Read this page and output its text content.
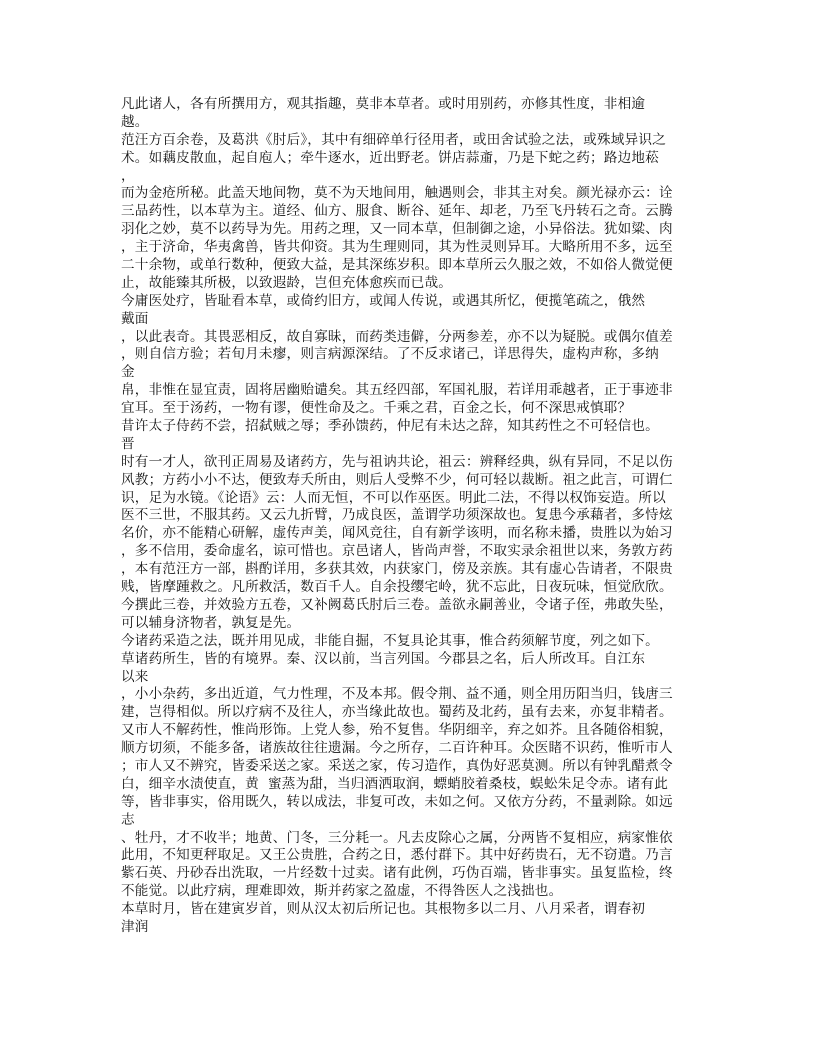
凡此诸人，各有所撰用方，观其指趣，莫非本草者。或时用别药，亦修其性度，非相逾
越。
范汪方百余卷，及葛洪《肘后》，其中有细碎单行径用者，或田舍试验之法，或殊域异识之
术。如藕皮散血，起自庖人；牵牛逐水，近出野老。饼店蒜齑，乃是下蛇之药；路边地菘
，
而为金疮所秘。此盖天地间物，莫不为天地间用，触遇则会，非其主对矣。颜光禄亦云：诠
三品药性，以本草为主。道经、仙方、服食、断谷、延年、却老，乃至飞丹转石之奇。云腾
羽化之妙，莫不以药导为先。用药之理，又一同本草，但制御之途，小异俗法。犹如粱、肉
，主于济命，华夷禽兽，皆共仰资。其为生理则同，其为性灵则异耳。大略所用不多，远至
二十余物，或单行数种，便致大益，是其深练岁积。即本草所云久服之效，不如俗人微觉便
止，故能臻其所极，以致遐龄，岂但充体愈疾而已哉。
今庸医处疗，皆耻看本草，或倚约旧方，或闻人传说，或遇其所忆，便揽笔疏之，俄然
戴面
，以此表奇。其畏恶相反，故自寡昧，而药类违僻，分两参差，亦不以为疑脱。或偶尔值差
，则自信方验；若旬月未瘳，则言病源深结。了不反求诸己，详思得失，虚构声称，多纳
金
帛，非惟在显宜责，固将居幽贻谴矣。其五经四部，军国礼服，若详用乖越者，正于事迹非
宜耳。至于汤药，一物有谬，便性命及之。千乘之君，百金之长，何不深思戒慎耶？
昔许太子侍药不尝，招弑贼之辱；季孙馈药，仲尼有未达之辞，知其药性之不可轻信也。
晋
时有一才人，欲刊正周易及诸药方，先与祖讷共论，祖云：辨释经典，纵有异同，不足以伤
风教；方药小小不达，便致寿夭所由，则后人受弊不少，何可轻以裁断。祖之此言，可谓仁
识，足为水镜。《论语》云：人而无恒，不可以作巫医。明此二法，不得以权饰妄造。所以
医不三世，不服其药。又云九折臂，乃成良医，盖谓学功须深故也。复患今承藉者，多恃炫
名价，亦不能精心研解，虚传声美，闻风竞往，自有新学该明，而名称未播，贵胜以为始习
，多不信用，委命虚名，谅可惜也。京邑诸人，皆尚声誉，不取实录余祖世以来，务敦方药
，本有范汪方一部，斟酌详用，多获其效，内获家门，傍及亲族。其有虚心告请者，不限贵
贱，皆摩踵救之。凡所救活，数百千人。自余投缨宅岭，犹不忘此，日夜玩味，恒觉欣欣。
今撰此三卷，并效验方五卷，又补阙葛氏肘后三卷。盖欲永嗣善业，令诸子侄，弗敢失坠，
可以辅身济物者，孰复是先。
今诸药采造之法，既并用见成，非能自掘，不复具论其事，惟合药须解节度，列之如下。
草诸药所生，皆的有境界。秦、汉以前，当言列国。今郡县之名，后人所改耳。自江东
以来
，小小杂药，多出近道，气力性理，不及本邦。假令荆、益不通，则全用历阳当归，钱唐三
建，岂得相似。所以疗病不及往人，亦当缘此故也。蜀药及北药，虽有去来，亦复非精者。
又市人不解药性，惟尚形饰。上党人参，殆不复售。华阴细辛，弃之如芥。且各随俗相貌，
顺方切须，不能多备，诸族故往往遗漏。今之所存，二百许种耳。众医睹不识药，惟听市人
；市人又不辨究，皆委采送之家。采送之家，传习造作，真伪好恶莫测。所以有钟乳醋煮令
白，细辛水渍使直，黄  蜜蒸为甜，当归酒洒取润，螵蛸胶着桑枝，蜈蚣朱足令赤。诸有此
等，皆非事实，俗用既久，转以成法，非复可改，未如之何。又依方分药，不量剥除。如远
志
、牡丹，才不收半；地黄、门冬，三分耗一。凡去皮除心之属，分两皆不复相应，病家惟依
此用，不知更秤取足。又王公贵胜，合药之日，悉付群下。其中好药贵石，无不窃遣。乃言
紫石英、丹砂吞出洗取，一片经数十过卖。诸有此例，巧伪百端，皆非事实。虽复监检，终
不能觉。以此疗病，理难即效，斯并药家之盈虚，不得咎医人之浅拙也。
本草时月，皆在建寅岁首，则从汉太初后所记也。其根物多以二月、八月采者，谓春初
津润
